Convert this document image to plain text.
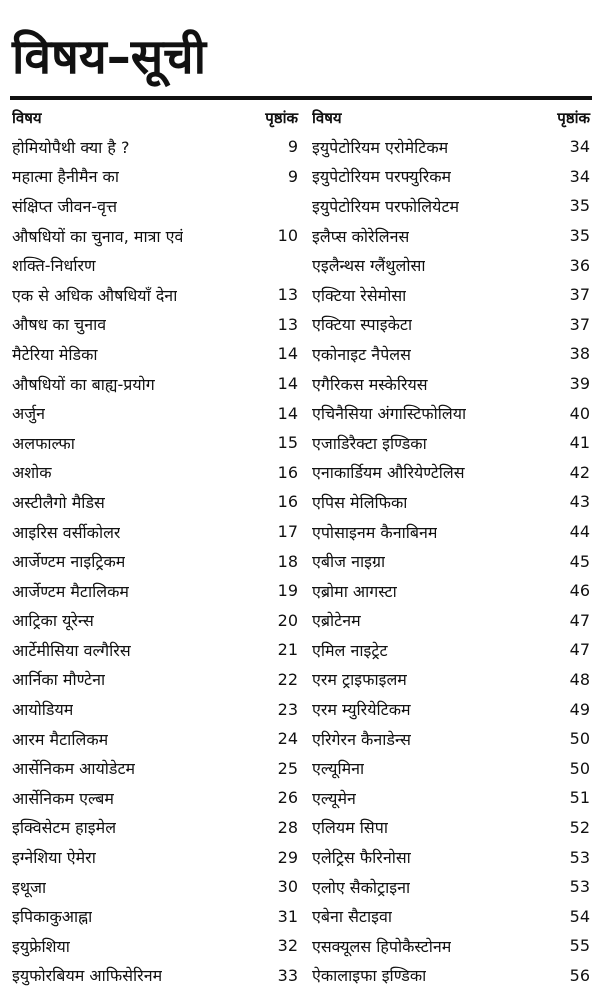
विषय–सूची
विषय	पृष्ठांक
होमियोपैथी क्या है ?	9
महात्मा हैनीमैन का	9
संक्षिप्त जीवन-वृत्त
औषधियों का चुनाव, मात्रा एवं	10
शक्ति-निर्धारण
एक से अधिक औषधियाँ देना	13
औषध का चुनाव	13
मैटेरिया मेडिका	14
औषधियों का बाह्य-प्रयोग	14
अर्जुन	14
अलफाल्फा	15
अशोक	16
अस्टीलैगो मैडिस	16
आइरिस वर्सीकोलर	17
आर्जेण्टम नाइट्रिकम	18
आर्जेण्टम मैटालिकम	19
आट्रिका यूरेन्स	20
आर्टेमीसिया वल्गैरिस	21
आर्निका मौण्टेना	22
आयोडियम	23
आरम मैटालिकम	24
आर्सेनिकम आयोडेटम	25
आर्सेनिकम एल्बम	26
इक्विसेटम हाइमेल	28
इग्नेशिया ऐमेरा	29
इथूजा	30
इपिकाकुआह्ना	31
इयुफ्रेशिया	32
इयुफोरबियम आफिसेरिनम	33
विषय	पृष्ठांक
इयुपेटोरियम एरोमेटिकम	34
इयुपेटोरियम परफ्युरिकम	34
इयुपेटोरियम परफोलियेटम	35
इलैप्स कोरेलिनस	35
एइलैन्थस ग्लैंथुलोसा	36
एक्टिया रेसेमोसा	37
एक्टिया स्पाइकेटा	37
एकोनाइट नैपेलस	38
एगैरिकस मस्केरियस	39
एचिनैसिया अंगास्टिफोलिया	40
एजाडिरैक्टा इण्डिका	41
एनाकार्डियम औरियेण्टेलिस	42
एपिस मेलिफिका	43
एपोसाइनम कैनाबिनम	44
एबीज नाइग्रा	45
एब्रोमा आगस्टा	46
एब्रोटेनम	47
एमिल नाइट्रेट	47
एरम ट्राइफाइलम	48
एरम म्युरियेटिकम	49
एरिगेरन कैनाडेन्स	50
एल्यूमिना	50
एल्यूमेन	51
एलियम सिपा	52
एलेट्रिस फैरिनोसा	53
एलोए सैकोट्राइना	53
एबेना सैटाइवा	54
एसक्यूलस हिपोकैस्टोनम	55
ऐकालाइफा इण्डिका	56
